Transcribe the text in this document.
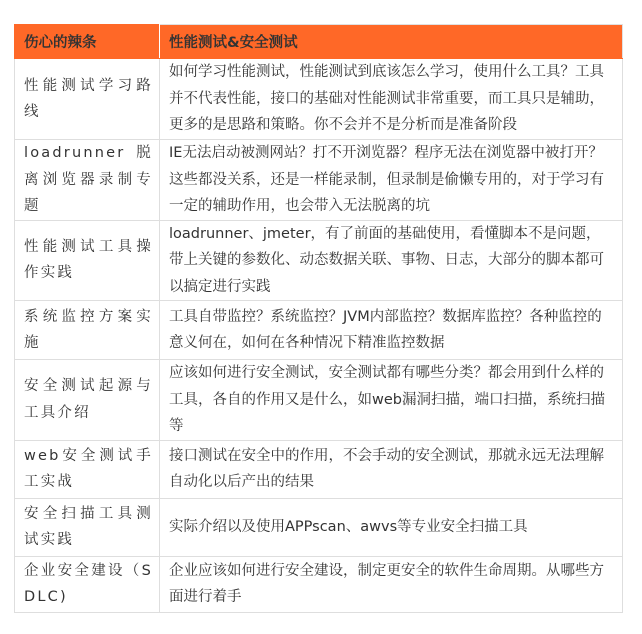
伤心的辣条	性能测试&安全测试
性能测试学习路线	如何学习性能测试，性能测试到底该怎么学习，使用什么工具？工具并不代表性能，接口的基础对性能测试非常重要，而工具只是辅助，更多的是思路和策略。你不会并不是分析而是准备阶段
loadrunner脱离浏览器录制专题	IE无法启动被测网站？打不开浏览器？程序无法在浏览器中被打开？这些都没关系，还是一样能录制，但录制是偷懒专用的，对于学习有一定的辅助作用，也会带入无法脱离的坑
性能测试工具操作实践	loadrunner、jmeter，有了前面的基础使用，看懂脚本不是问题，带上关键的参数化、动态数据关联、事物、日志，大部分的脚本都可以搞定进行实践
系统监控方案实施	工具自带监控？系统监控？JVM内部监控？数据库监控？各种监控的意义何在，如何在各种情况下精准监控数据
安全测试起源与工具介绍	应该如何进行安全测试，安全测试都有哪些分类？都会用到什么样的工具，各自的作用又是什么，如web漏洞扫描，端口扫描，系统扫描等
web安全测试手工实战	接口测试在安全中的作用，不会手动的安全测试，那就永远无法理解自动化以后产出的结果
安全扫描工具测试实践	实际介绍以及使用APPscan、awvs等专业安全扫描工具
企业安全建设（SDLC)	企业应该如何进行安全建设，制定更安全的软件生命周期。从哪些方面进行着手
